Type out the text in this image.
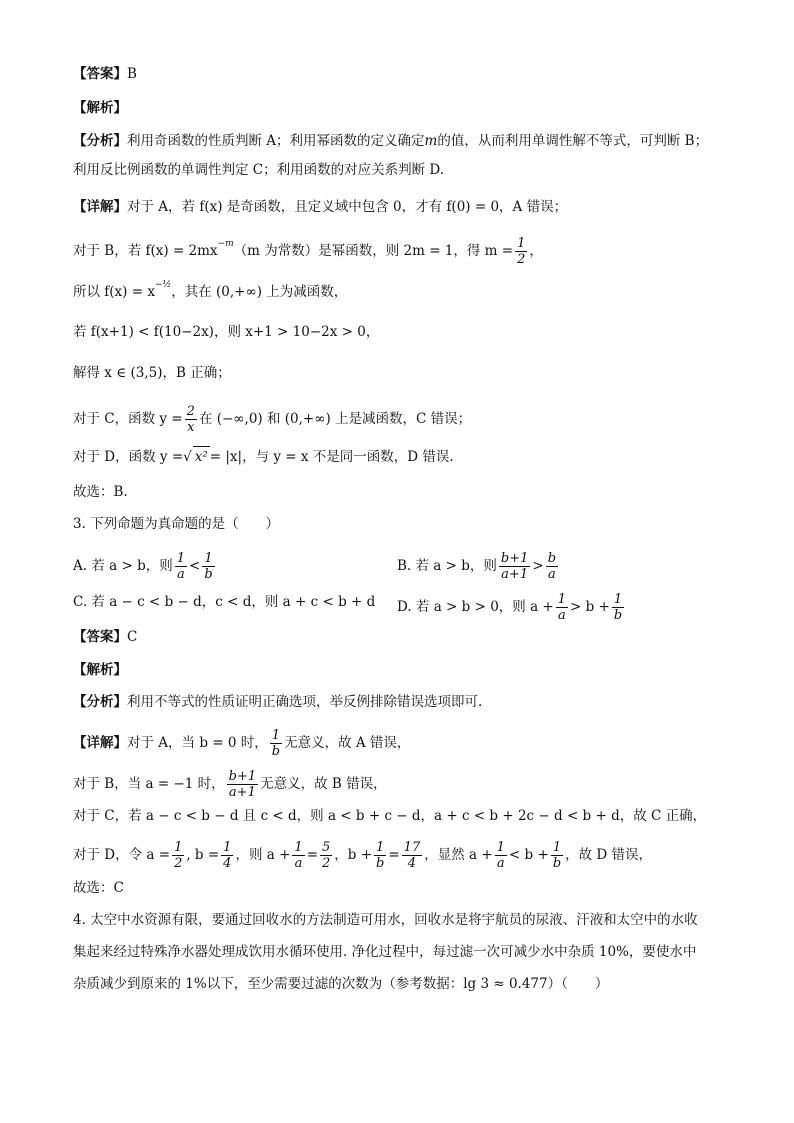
【答案】B
【解析】
【分析】利用奇函数的性质判断 A；利用幂函数的定义确定m的值，从而利用单调性解不等式，可判断 B；
利用反比例函数的单调性判定 C；利用函数的对应关系判断 D.
【详解】对于 A，若 f(x) 是奇函数，且定义域中包含 0，才有 f(0) = 0，A 错误；
对于 B，若 f(x) = 2mx−m（m 为常数）是幂函数，则 2m = 1，得 $m = \frac{1}{2}$ ，
所以 f(x) = x−½，其在 (0,+∞) 上为减函数，
若 f(x+1) < f(10−2x)，则 x+1 > 10−2x > 0，
解得 x ∈ (3,5)，B 正确；
对于 C，函数 $y = \frac{2}{x}$ 在 (−∞,0) 和 (0,+∞) 上是减函数，C 错误；
对于 D，函数 y =√ x² = |x|，与 y = x 不是同一函数，D 错误.
故选：B.
3. 下列命题为真命题的是（　　）
A. 若 a > b，则 $\frac{1}{a} < \frac{1}{b}$	B. 若 a > b，则 $\frac{b+1}{a+1} > \frac{b}{a}$
C. 若 a − c < b − d，c < d，则 a + c < b + d D. 若 a > b > 0，则 $a + \frac{1}{a} > b + \frac{1}{b}$
【答案】C
【解析】
【分析】利用不等式的性质证明正确选项，举反例排除错误选项即可.
【详解】对于 A，当 b = 0 时， $\frac{1}{b}$ 无意义，故 A 错误，
对于 B，当 a = −1 时， $\frac{b+1}{a+1}$ 无意义，故 B 错误，
对于 C，若 a − c < b − d 且 c < d，则 a < b + c − d，a + c < b + 2c − d < b + d，故 C 正确，
对于 D，令 $a = \frac{1}{2}$ , $b = \frac{1}{4}$ ，则 $a + \frac{1}{a} = \frac{5}{2}$ ，$b + \frac{1}{b} = \frac{17}{4}$ ，显然 $a + \frac{1}{a} < b + \frac{1}{b}$ ，故 D 错误，
故选：C
4. 太空中水资源有限，要通过回收水的方法制造可用水，回收水是将宇航员的尿液、汗液和太空中的水收
集起来经过特殊净水器处理成饮用水循环使用. 净化过程中，每过滤一次可减少水中杂质 10%，要使水中
杂质减少到原来的 1%以下，至少需要过滤的次数为（参考数据：lg 3 ≈ 0.477）（　　）
